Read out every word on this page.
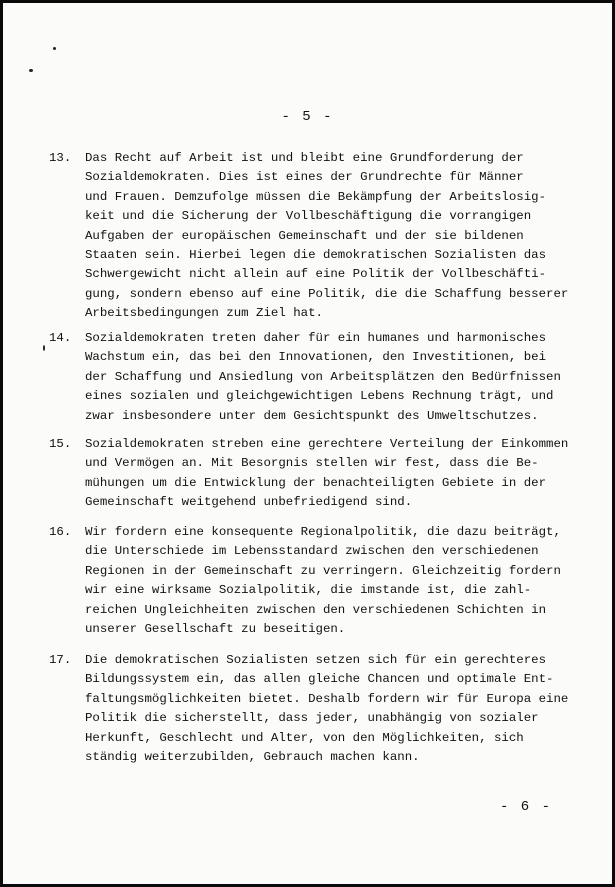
- 5 -
13.	Das Recht auf Arbeit ist und bleibt eine Grundforderung der
Sozialdemokraten. Dies ist eines der Grundrechte für Männer
und Frauen. Demzufolge müssen die Bekämpfung der Arbeitslosig-
keit und die Sicherung der Vollbeschäftigung die vorrangigen
Aufgaben der europäischen Gemeinschaft und der sie bildenen
Staaten sein. Hierbei legen die demokratischen Sozialisten das
Schwergewicht nicht allein auf eine Politik der Vollbeschäfti-
gung, sondern ebenso auf eine Politik, die die Schaffung besserer
Arbeitsbedingungen zum Ziel hat.
14.	Sozialdemokraten treten daher für ein humanes und harmonisches
Wachstum ein, das bei den Innovationen, den Investitionen, bei
der Schaffung und Ansiedlung von Arbeitsplätzen den Bedürfnissen
eines sozialen und gleichgewichtigen Lebens Rechnung trägt, und
zwar insbesondere unter dem Gesichtspunkt des Umweltschutzes.
15.	Sozialdemokraten streben eine gerechtere Verteilung der Einkommen
und Vermögen an. Mit Besorgnis stellen wir fest, dass die Be-
mühungen um die Entwicklung der benachteiligten Gebiete in der
Gemeinschaft weitgehend unbefriedigend sind.
16.	Wir fordern eine konsequente Regionalpolitik, die dazu beiträgt,
die Unterschiede im Lebensstandard zwischen den verschiedenen
Regionen in der Gemeinschaft zu verringern. Gleichzeitig fordern
wir eine wirksame Sozialpolitik, die imstande ist, die zahl-
reichen Ungleichheiten zwischen den verschiedenen Schichten in
unserer Gesellschaft zu beseitigen.
17.	Die demokratischen Sozialisten setzen sich für ein gerechteres
Bildungssystem ein, das allen gleiche Chancen und optimale Ent-
faltungsmöglichkeiten bietet. Deshalb fordern wir für Europa eine
Politik die sicherstellt, dass jeder, unabhängig von sozialer
Herkunft, Geschlecht und Alter, von den Möglichkeiten, sich
ständig weiterzubilden, Gebrauch machen kann.
- 6 -
